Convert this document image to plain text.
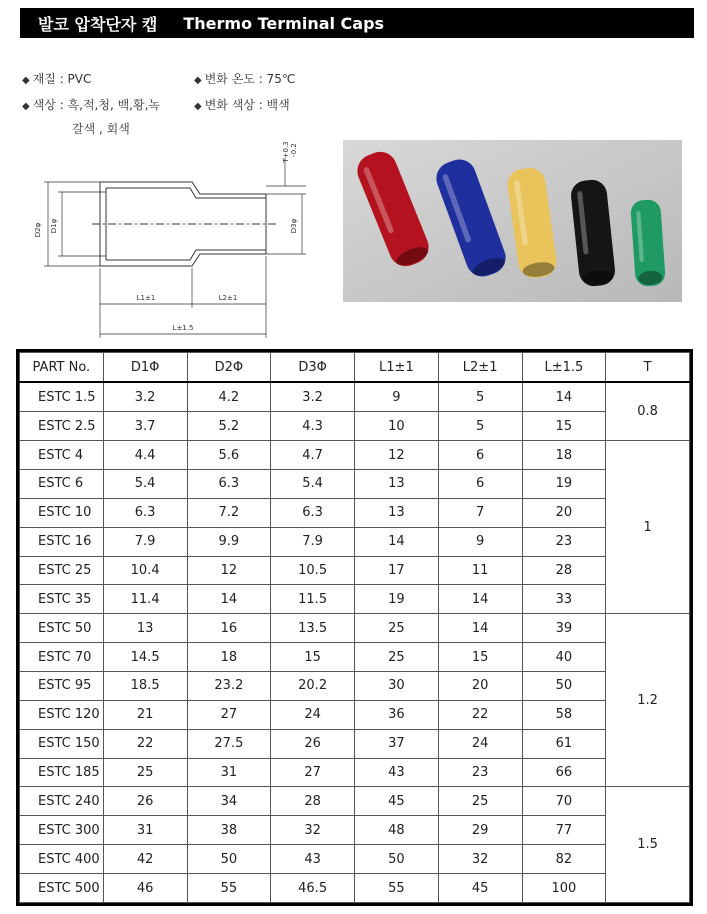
발코 압착단자 캡 Thermo Terminal Caps
◆ 재질 : PVC	◆ 변화 온도 : 75℃
◆ 색상 : 흑,적,청, 백,황,녹	◆ 변화 색상 : 백색
갈색 , 회색
D2φ D1φ	D3φ
T+0.3 -0.2
L1±1	L2±1
L±1.5
PART No.	D1Φ	D2Φ	D3Φ	L1±1	L2±1	L±1.5	T
ESTC 1.5	3.2	4.2	3.2	9	5	14	0.8
ESTC 2.5	3.7	5.2	4.3	10	5	15	
ESTC 4	4.4	5.6	4.7	12	6	18	1
ESTC 6	5.4	6.3	5.4	13	6	19	
ESTC 10	6.3	7.2	6.3	13	7	20	
ESTC 16	7.9	9.9	7.9	14	9	23	
ESTC 25	10.4	12	10.5	17	11	28	
ESTC 35	11.4	14	11.5	19	14	33	
ESTC 50	13	16	13.5	25	14	39	1.2
ESTC 70	14.5	18	15	25	15	40	
ESTC 95	18.5	23.2	20.2	30	20	50	
ESTC 120	21	27	24	36	22	58	
ESTC 150	22	27.5	26	37	24	61	
ESTC 185	25	31	27	43	23	66	
ESTC 240	26	34	28	45	25	70	1.5
ESTC 300	31	38	32	48	29	77	
ESTC 400	42	50	43	50	32	82	
ESTC 500	46	55	46.5	55	45	100	
